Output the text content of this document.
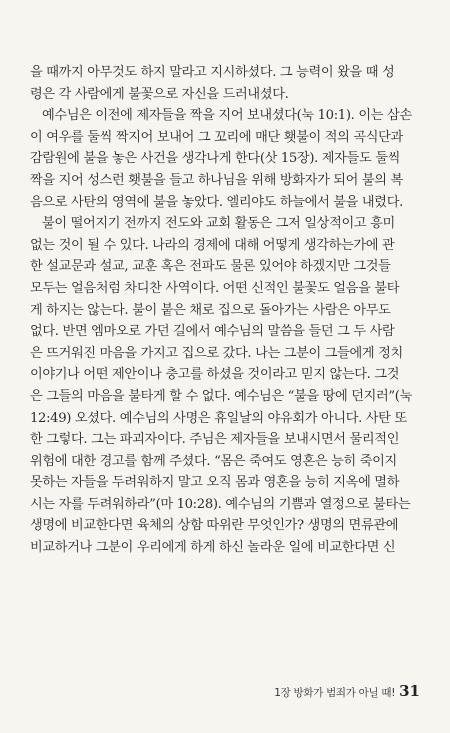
을 때까지 아무것도 하지 말라고 지시하셨다. 그 능력이 왔을 때 성
령은 각 사람에게 불꽃으로 자신을 드러내셨다.
예수님은 이전에 제자들을 짝을 지어 보내셨다(눅 10:1). 이는 삼손
이 여우를 둘씩 짝지어 보내어 그 꼬리에 매단 횃불이 적의 곡식단과
감람원에 불을 놓은 사건을 생각나게 한다(삿 15장). 제자들도 둘씩
짝을 지어 성스런 횃불을 들고 하나님을 위해 방화자가 되어 불의 복
음으로 사탄의 영역에 불을 놓았다. 엘리야도 하늘에서 불을 내렸다.
불이 떨어지기 전까지 전도와 교회 활동은 그저 일상적이고 흥미
없는 것이 될 수 있다. 나라의 경제에 대해 어떻게 생각하는가에 관
한 설교문과 설교, 교훈 혹은 전파도 물론 있어야 하겠지만 그것들
모두는 얼음처럼 차디찬 사역이다. 어떤 신적인 불꽃도 얼음을 불타
게 하지는 않는다. 불이 붙은 채로 집으로 돌아가는 사람은 아무도
없다. 반면 엠마오로 가던 길에서 예수님의 말씀을 들던 그 두 사람
은 뜨거워진 마음을 가지고 집으로 갔다. 나는 그분이 그들에게 정치
이야기나 어떤 제안이나 충고를 하셨을 것이라고 믿지 않는다. 그것
은 그들의 마음을 불타게 할 수 없다. 예수님은 “불을 땅에 던지러”(눅
12:49) 오셨다. 예수님의 사명은 휴일날의 야유회가 아니다. 사탄 또
한 그렇다. 그는 파괴자이다. 주님은 제자들을 보내시면서 물리적인
위험에 대한 경고를 함께 주셨다. “몸은 죽여도 영혼은 능히 죽이지
못하는 자들을 두려워하지 말고 오직 몸과 영혼을 능히 지옥에 멸하
시는 자를 두려워하라”(마 10:28). 예수님의 기쁨과 열정으로 불타는
생명에 비교한다면 육체의 상함 따위란 무엇인가? 생명의 면류관에
비교하거나 그분이 우리에게 하게 하신 놀라운 일에 비교한다면 신
1장 방화가 범죄가 아닐 때! 31
